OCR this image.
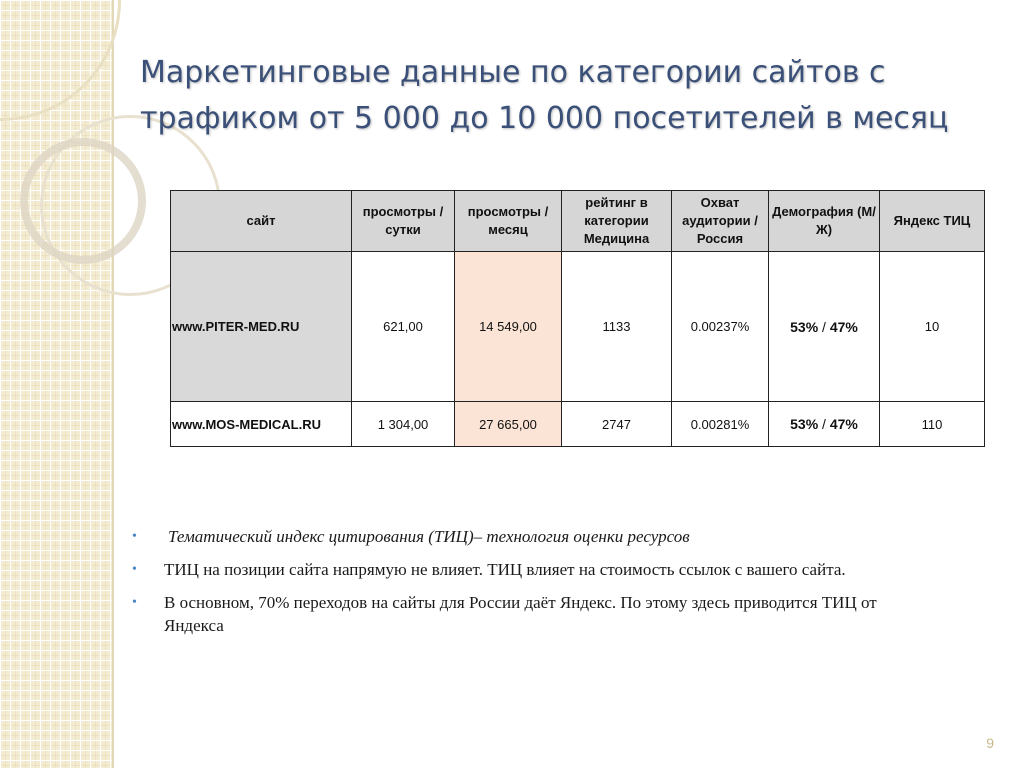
Маркетинговые данные по категории сайтов с трафиком от 5 000 до 10 000 посетителей в месяц
сайт	просмотры / сутки	просмотры / месяц	рейтинг в категории Медицина	Охват аудитории / Россия	Демография (М/Ж)	Яндекс ТИЦ
www.PITER-MED.RU	621,00	14 549,00	1133	0.00237%	53% / 47%	10
www.MOS-MEDICAL.RU	1 304,00	27 665,00	2747	0.00281%	53% / 47%	110
• Тематический индекс цитирования (ТИЦ)– технология оценки ресурсов
• ТИЦ на позиции сайта напрямую не влияет. ТИЦ влияет на стоимость ссылок с вашего сайта.
• В основном, 70% переходов на сайты для России даёт Яндекс. По этому здесь приводится ТИЦ от Яндекса
9
